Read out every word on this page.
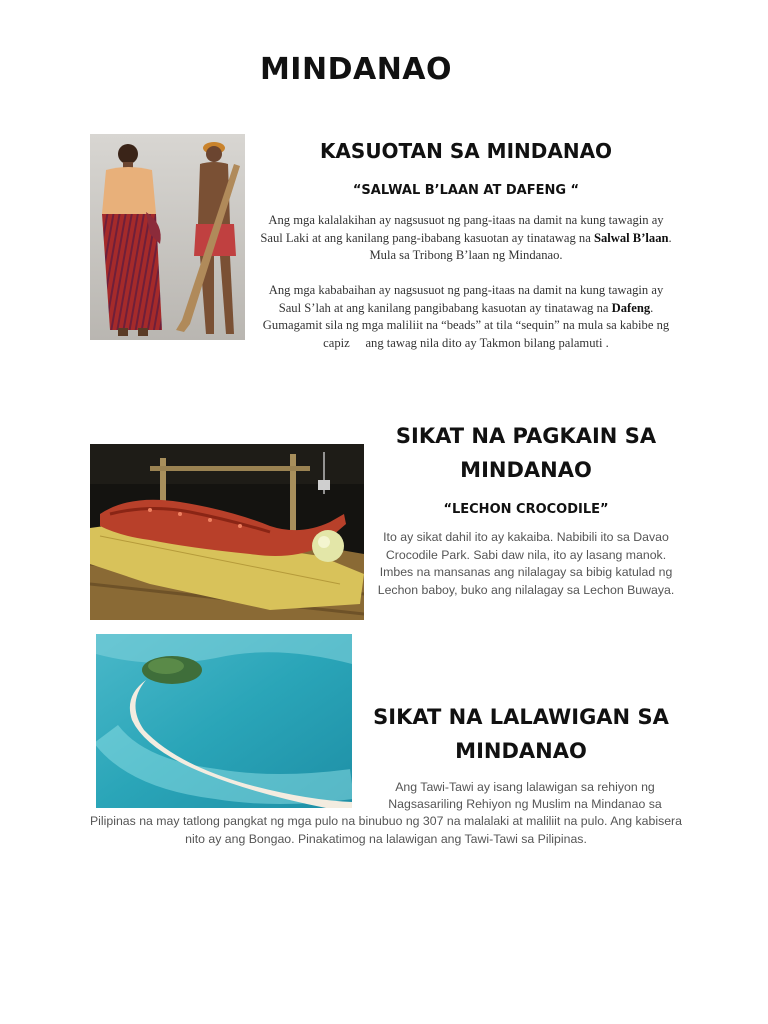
MINDANAO
KASUOTAN SA MINDANAO
“SALWAL B’LAAN AT DAFENG “
Ang mga kalalakihan ay nagsusuot ng pang-itaas na damit na kung tawagin ay Saul Laki at ang kanilang pang-ibabang kasuotan ay tinatawag na Salwal B’laan. Mula sa Tribong B’laan ng Mindanao.
Ang mga kababaihan ay nagsusuot ng pang-itaas na damit na kung tawagin ay Saul S’lah at ang kanilang pangibabang kasuotan ay tinatawag na Dafeng. Gumagamit sila ng mga maliliit na “beads” at tila “sequin” na mula sa kabibe ng capiz     ang tawag nila dito ay Takmon bilang palamuti .
SIKAT NA PAGKAIN SA
MINDANAO
“LECHON CROCODILE”
Ito ay sikat dahil ito ay kakaiba. Nabibili ito sa Davao Crocodile Park. Sabi daw nila, ito ay lasang manok. Imbes na mansanas ang nilalagay sa bibig katulad ng Lechon baboy, buko ang nilalagay sa Lechon Buwaya.
SIKAT NA LALAWIGAN SA
MINDANAO
Ang Tawi-Tawi ay isang lalawigan sa rehiyon ng
Nagsasariling Rehiyon ng Muslim na Mindanao sa
Pilipinas na may tatlong pangkat ng mga pulo na binubuo ng 307 na malalaki at maliliit na pulo. Ang kabisera nito ay ang Bongao. Pinakatimog na lalawigan ang Tawi-Tawi sa Pilipinas.
